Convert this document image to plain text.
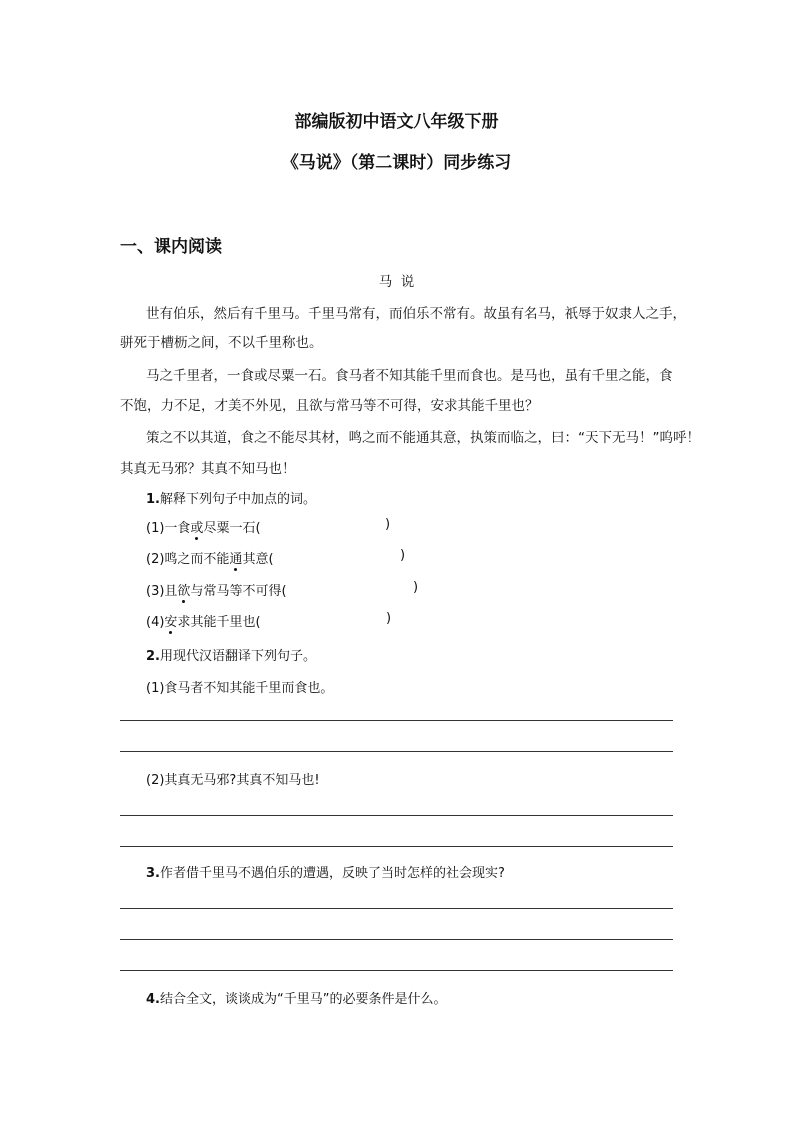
部编版初中语文八年级下册
《马说》（第二课时）同步练习
一、课内阅读
马  说
世有伯乐，然后有千里马。千里马常有，而伯乐不常有。故虽有名马，祇辱于奴隶人之手，
骈死于槽枥之间，不以千里称也。
马之千里者，一食或尽粟一石。食马者不知其能千里而食也。是马也，虽有千里之能，食
不饱，力不足，才美不外见，且欲与常马等不可得，安求其能千里也？
策之不以其道，食之不能尽其材，鸣之而不能通其意，执策而临之，曰：“天下无马！”呜呼！
其真无马邪？其真不知马也！
1.解释下列句子中加点的词。
(1)一食或尽粟一石(	)
(2)鸣之而不能通其意(	)
(3)且欲与常马等不可得(	)
(4)安求其能千里也(	)
2.用现代汉语翻译下列句子。
(1)食马者不知其能千里而食也。
(2)其真无马邪?其真不知马也!
3.作者借千里马不遇伯乐的遭遇，反映了当时怎样的社会现实?
4.结合全文，谈谈成为“千里马”的必要条件是什么。
